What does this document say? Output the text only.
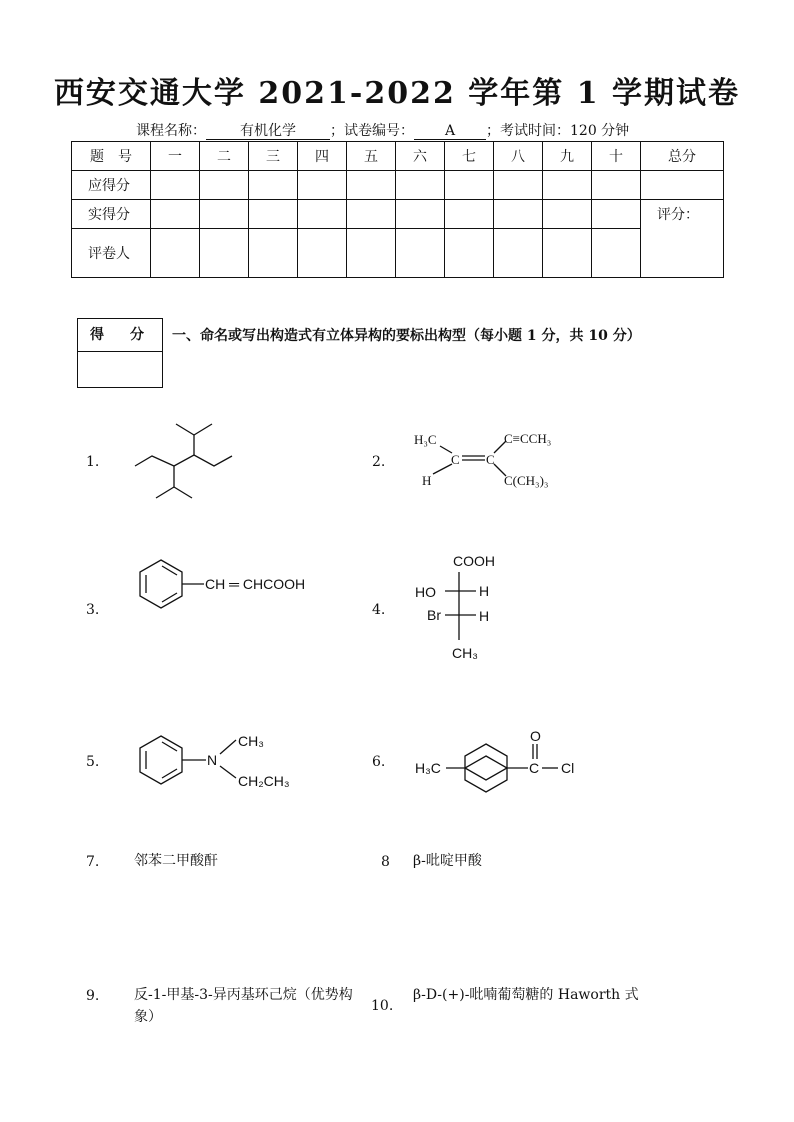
西安交通大学 2021-2022 学年第 1 学期试卷
课程名称： 有机化学 ；试卷编号： A ；考试时间：120 分钟
题　号	一	二	三	四	五	六	七	八	九	十	总分
应得分											
实得分											评分：
评卷人											
得　分	一、命名或写出构造式有立体异构的要标出构型（每小题 1 分，共 10 分）
1.	2.
H₃C
H
C C
C≡CCH₃
C(CH₃)₃
3.
CH ═ CHCOOH
4.
COOH
HO	H
Br	H
CH₃
5.	N
CH₃
CH₂CH₃
6. H₃C	C
O
Cl
7. 邻苯二甲酸酐	8 β-吡啶甲酸
9. 反-1-甲基-3-异丙基环己烷（优势构象）
10.
β-D-(+)-吡喃葡萄糖的 Haworth 式
